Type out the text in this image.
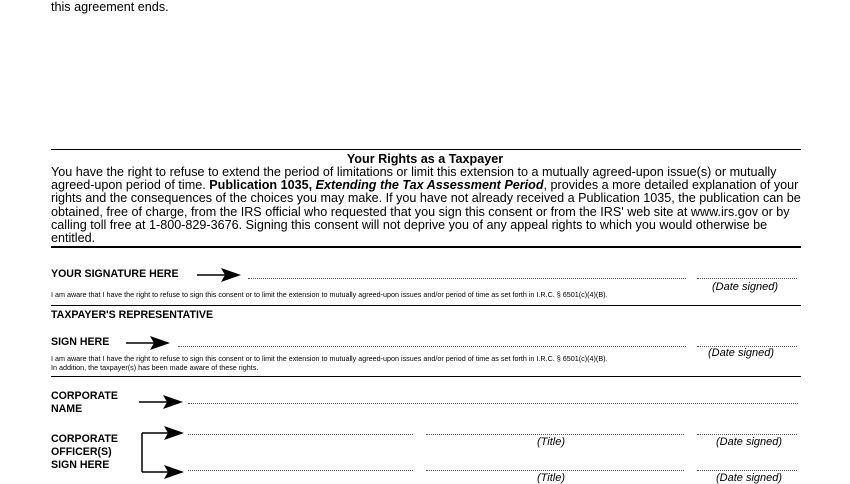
this agreement ends.
Your Rights as a Taxpayer
You have the right to refuse to extend the period of limitations or limit this extension to a mutually agreed-upon issue(s) or mutually agreed-upon period of time. Publication 1035, Extending the Tax Assessment Period, provides a more detailed explanation of your rights and the consequences of the choices you may make. If you have not already received a Publication 1035, the publication can be obtained, free of charge, from the IRS official who requested that you sign this consent or from the IRS' web site at www.irs.gov or by calling toll free at 1-800-829-3676. Signing this consent will not deprive you of any appeal rights to which you would otherwise be entitled.
YOUR SIGNATURE HERE
(Date signed)
I am aware that I have the right to refuse to sign this consent or to limit the extension to mutually agreed-upon issues and/or period of time as set forth in I.R.C. § 6501(c)(4)(B).
TAXPAYER'S REPRESENTATIVE
SIGN HERE
(Date signed)
I am aware that I have the right to refuse to sign this consent or to limit the extension to mutually agreed-upon issues and/or period of time as set forth in I.R.C. § 6501(c)(4)(B).
In addition, the taxpayer(s) has been made aware of these rights.
CORPORATE
NAME
CORPORATE
OFFICER(S)
SIGN HERE
(Title)	(Date signed)
(Title)	(Date signed)
